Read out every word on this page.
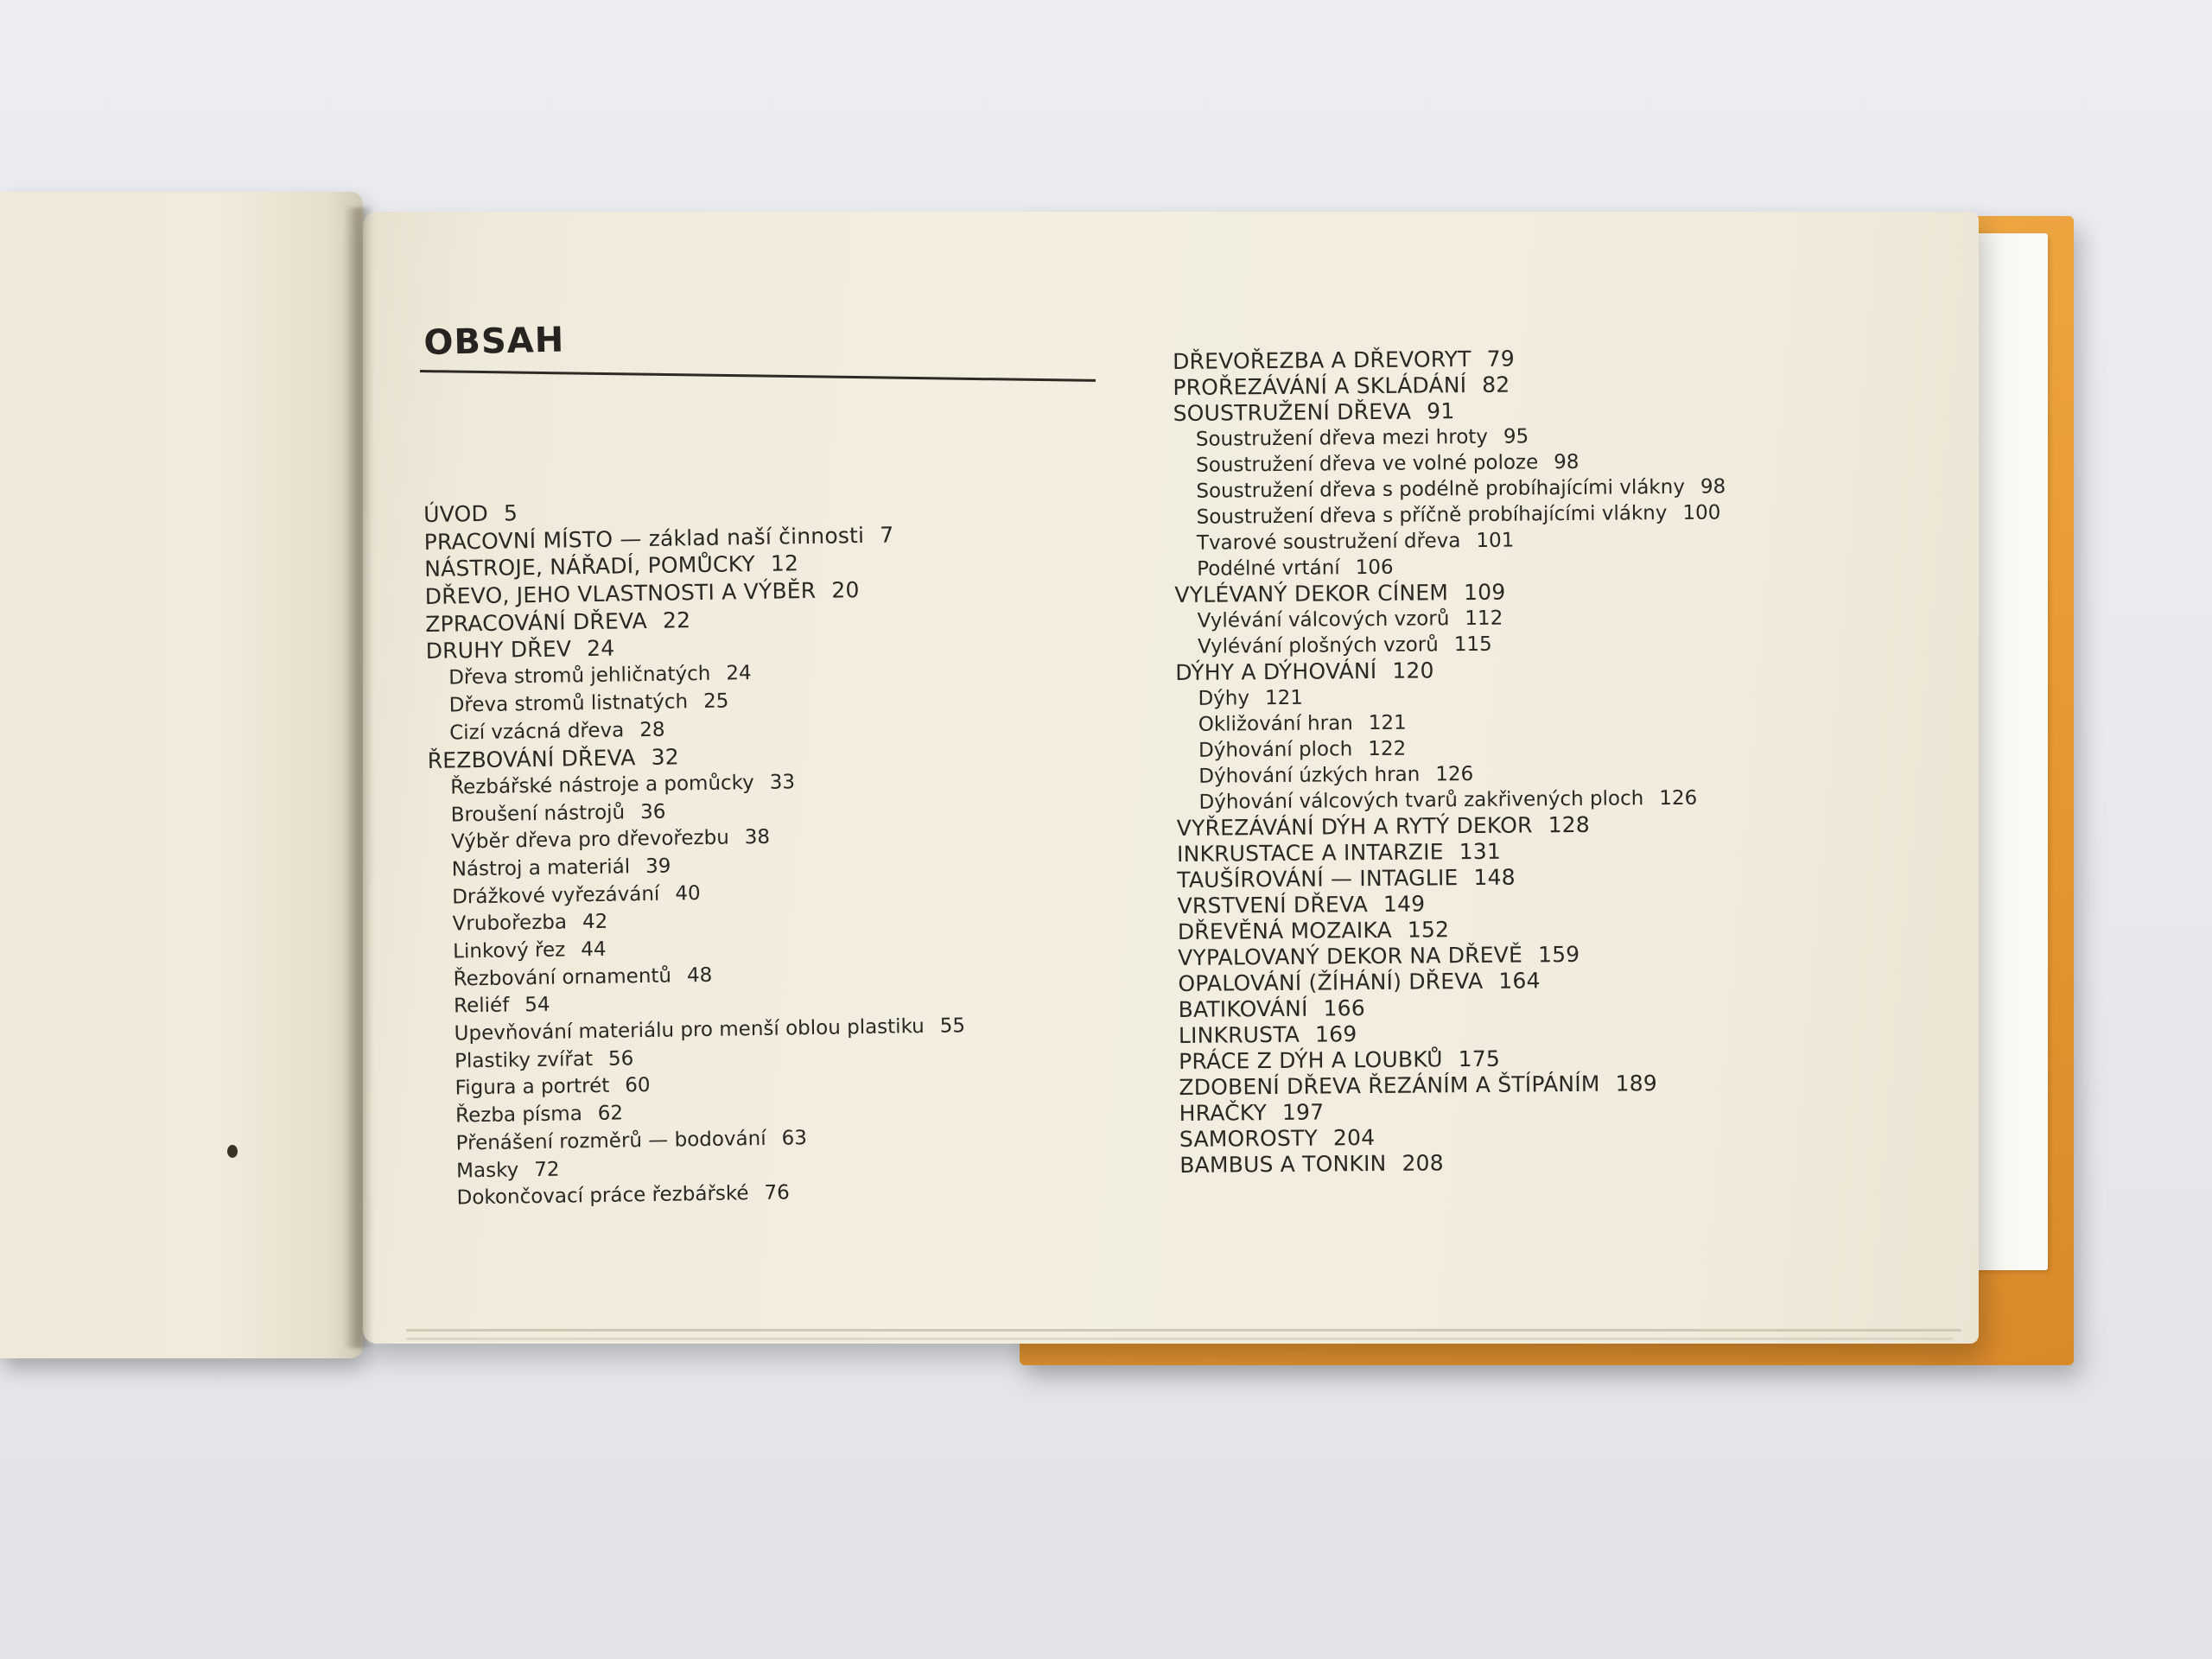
OBSAH

ÚVOD 5

PRACOVNÍ MÍSTO — základ naší činnosti 7

NÁSTROJE, NÁŘADÍ, POMŮCKY 12

DŘEVO, JEHO VLASTNOSTI A VÝBĚR 20

ZPRACOVÁNÍ DŘEVA 22

DRUHY DŘEV 24

Dřeva stromů jehličnatých 24

Dřeva stromů listnatých 25

Cizí vzácná dřeva 28

ŘEZBOVÁNÍ DŘEVA 32

Řezbářské nástroje a pomůcky 33

Broušení nástrojů 36

Výběr dřeva pro dřevořezbu 38

Nástroj a materiál 39

Drážkové vyřezávání 40

Vrubořezba 42

Linkový řez 44

Řezbování ornamentů 48

Reliéf 54

Upevňování materiálu pro menší oblou plastiku 55

Plastiky zvířat 56

Figura a portrét 60

Řezba písma 62

Přenášení rozměrů — bodování 63

Masky 72

Dokončovací práce řezbářské 76

DŘEVOŘEZBA A DŘEVORYT 79

PROŘEZÁVÁNÍ A SKLÁDÁNÍ 82

SOUSTRUŽENÍ DŘEVA 91

Soustružení dřeva mezi hroty 95

Soustružení dřeva ve volné poloze 98

Soustružení dřeva s podélně probíhajícími vlákny 98

Soustružení dřeva s příčně probíhajícími vlákny 100

Tvarové soustružení dřeva 101

Podélné vrtání 106

VYLÉVANÝ DEKOR CÍNEM 109

Vylévání válcových vzorů 112

Vylévání plošných vzorů 115

DÝHY A DÝHOVÁNÍ 120

Dýhy 121

Okližování hran 121

Dýhování ploch 122

Dýhování úzkých hran 126

Dýhování válcových tvarů zakřivených ploch 126

VYŘEZÁVÁNÍ DÝH A RYTÝ DEKOR 128

INKRUSTACE A INTARZIE 131

TAUŠÍROVÁNÍ — INTAGLIE 148

VRSTVENÍ DŘEVA 149

DŘEVĚNÁ MOZAIKA 152

VYPALOVANÝ DEKOR NA DŘEVĚ 159

OPALOVÁNÍ (ŽÍHÁNÍ) DŘEVA 164

BATIKOVÁNÍ 166

LINKRUSTA 169

PRÁCE Z DÝH A LOUBKŮ 175

ZDOBENÍ DŘEVA ŘEZÁNÍM A ŠTÍPÁNÍM 189

HRAČKY 197

SAMOROSTY 204

BAMBUS A TONKIN 208
